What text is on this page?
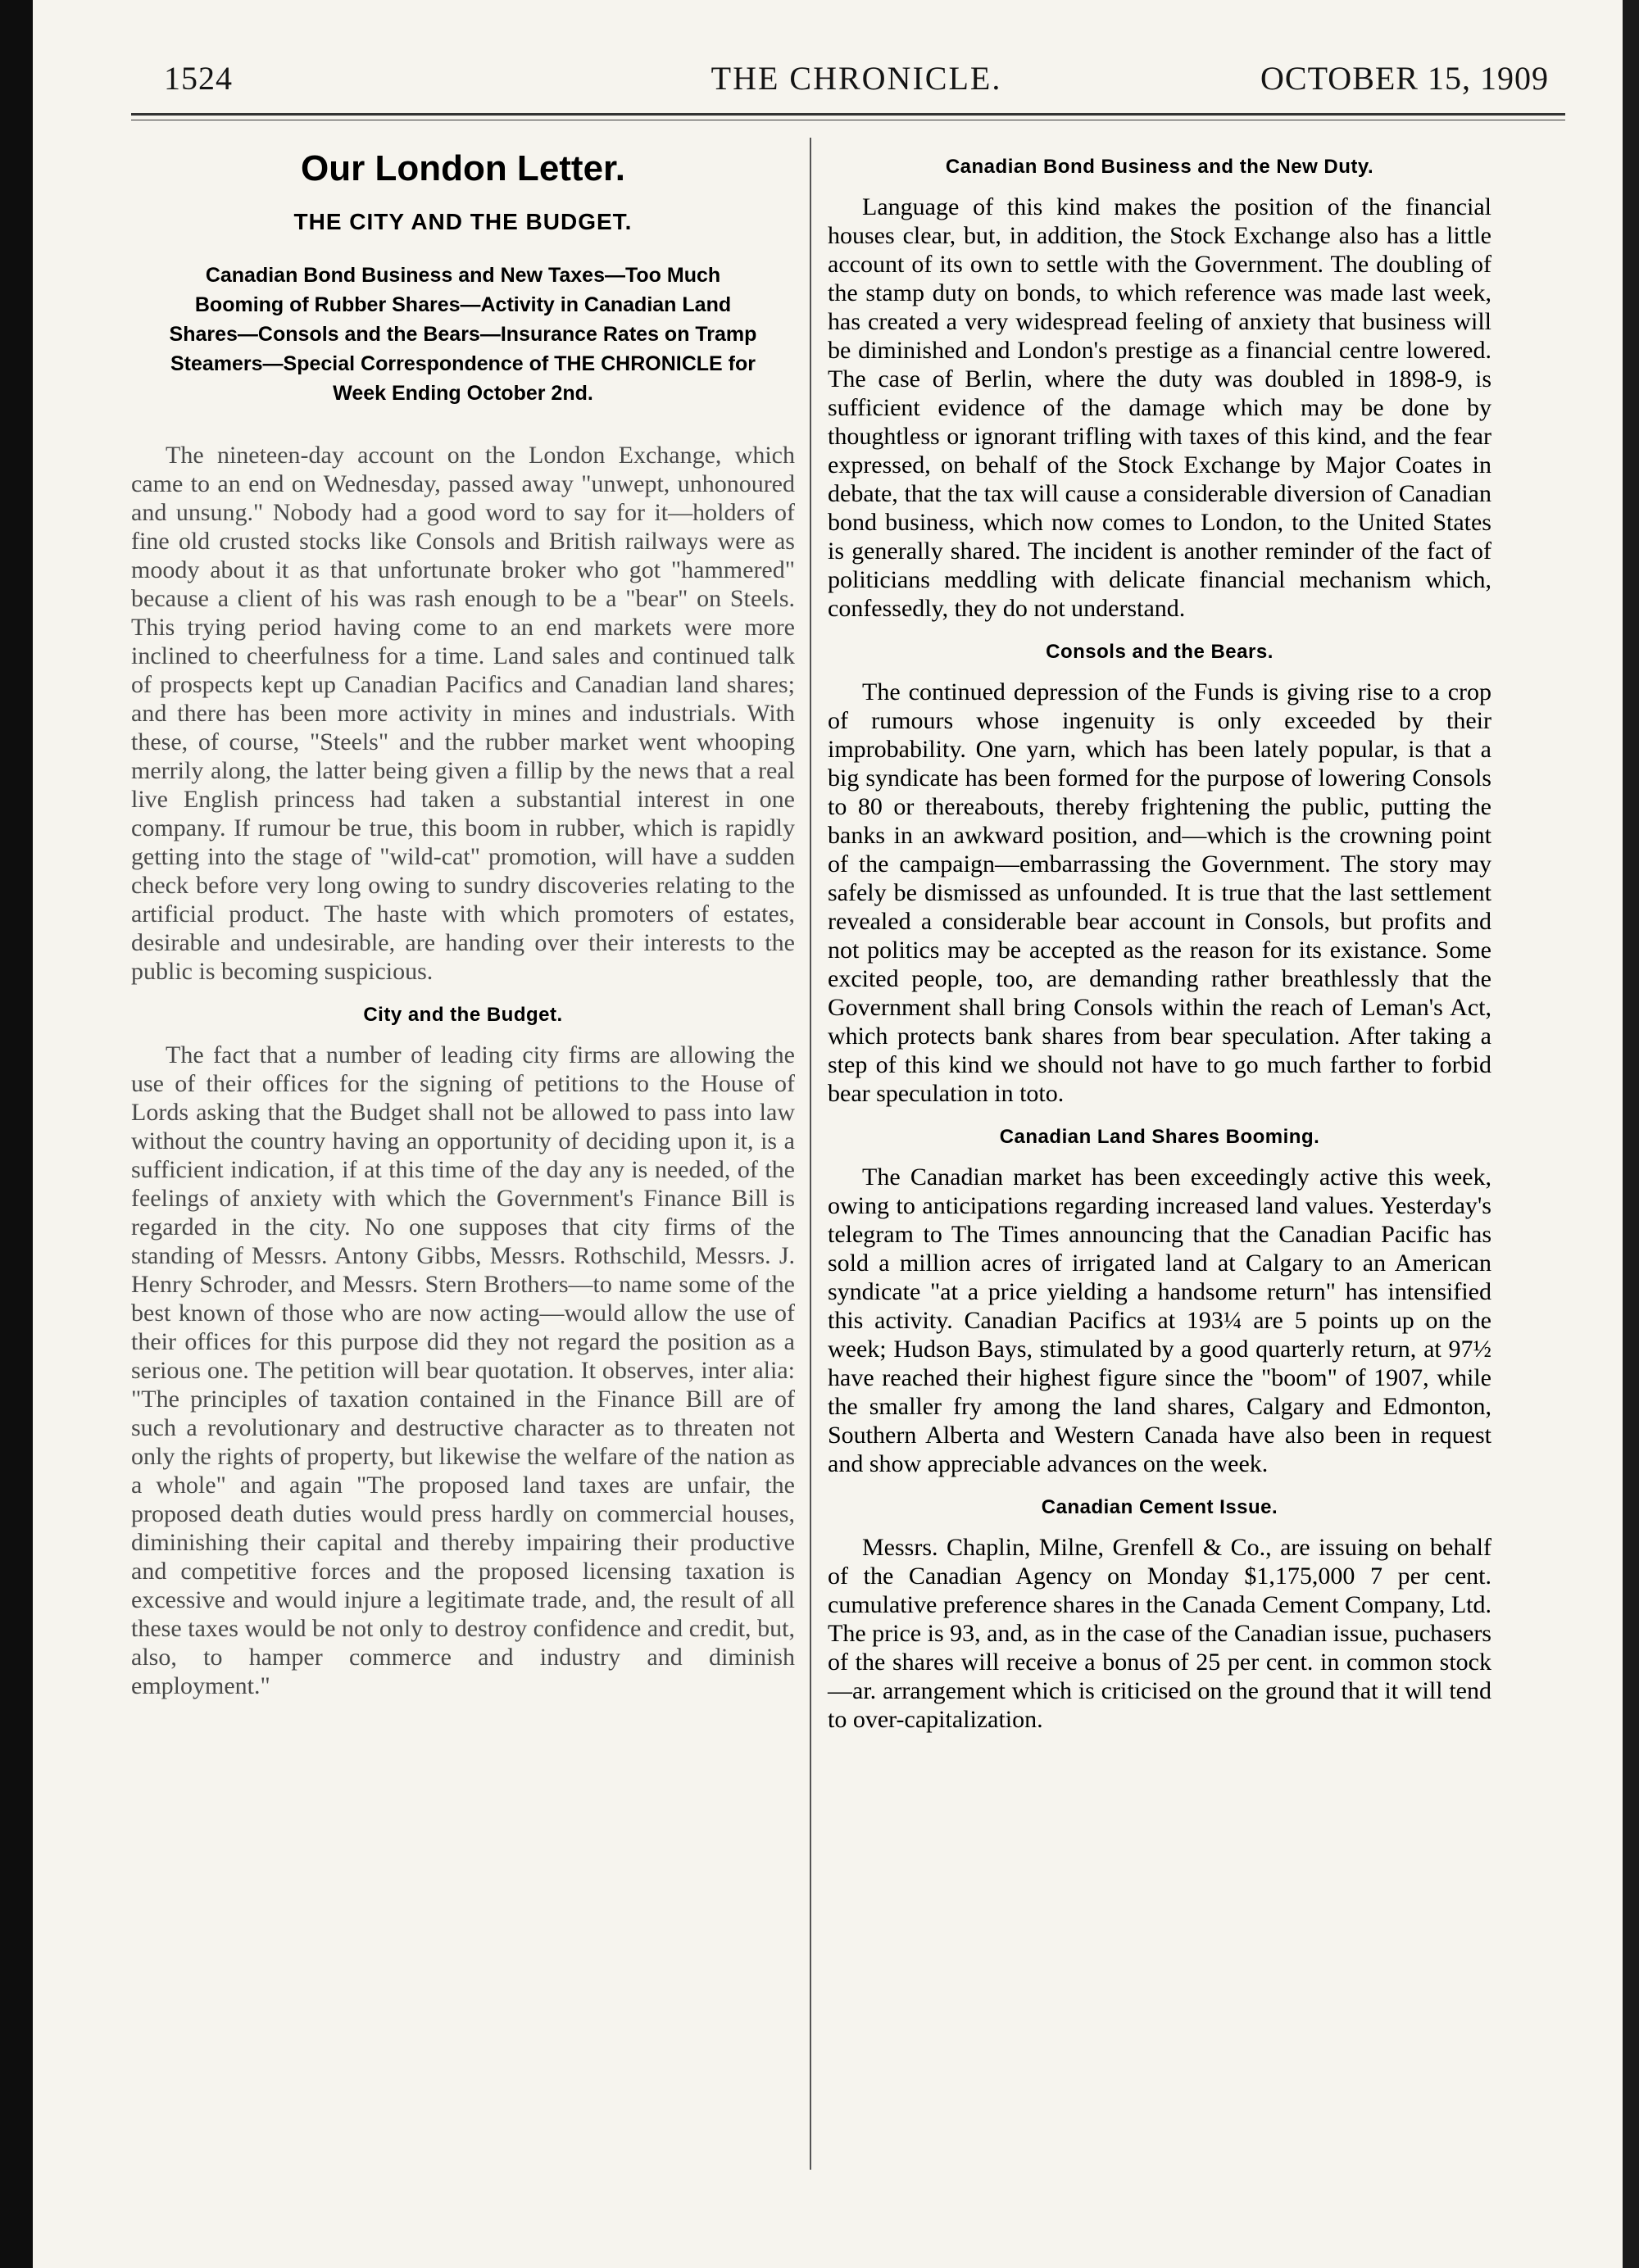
1524	THE CHRONICLE.	OCTOBER 15, 1909
Our London Letter.
THE CITY AND THE BUDGET.
Canadian Bond Business and New Taxes—Too Much Booming of Rubber Shares—Activity in Canadian Land Shares—Consols and the Bears—Insurance Rates on Tramp Steamers—Special Correspondence of THE CHRONICLE for Week Ending October 2nd.

The nineteen-day account on the London Exchange, which came to an end on Wednesday, passed away "unwept, unhonoured and unsung." Nobody had a good word to say for it—holders of fine old crusted stocks like Consols and British railways were as moody about it as that unfortunate broker who got "hammered" because a client of his was rash enough to be a "bear" on Steels. This trying period having come to an end markets were more inclined to cheerfulness for a time. Land sales and continued talk of prospects kept up Canadian Pacifics and Canadian land shares; and there has been more activity in mines and industrials. With these, of course, "Steels" and the rubber market went whooping merrily along, the latter being given a fillip by the news that a real live English princess had taken a substantial interest in one company. If rumour be true, this boom in rubber, which is rapidly getting into the stage of "wild-cat" promotion, will have a sudden check before very long owing to sundry discoveries relating to the artificial product. The haste with which promoters of estates, desirable and undesirable, are handing over their interests to the public is becoming suspicious.

City and the Budget.

The fact that a number of leading city firms are allowing the use of their offices for the signing of petitions to the House of Lords asking that the Budget shall not be allowed to pass into law without the country having an opportunity of deciding upon it, is a sufficient indication, if at this time of the day any is needed, of the feelings of anxiety with which the Government's Finance Bill is regarded in the city. No one supposes that city firms of the standing of Messrs. Antony Gibbs, Messrs. Rothschild, Messrs. J. Henry Schroder, and Messrs. Stern Brothers—to name some of the best known of those who are now acting—would allow the use of their offices for this purpose did they not regard the position as a serious one. The petition will bear quotation. It observes, inter alia: "The principles of taxation contained in the Finance Bill are of such a revolutionary and destructive character as to threaten not only the rights of property, but likewise the welfare of the nation as a whole" and again "The proposed land taxes are unfair, the proposed death duties would press hardly on commercial houses, diminishing their capital and thereby impairing their productive and competitive forces and the proposed licensing taxation is excessive and would injure a legitimate trade, and, the result of all these taxes would be not only to destroy confidence and credit, but, also, to hamper commerce and industry and diminish employment."

Canadian Bond Business and the New Duty.

Language of this kind makes the position of the financial houses clear, but, in addition, the Stock Exchange also has a little account of its own to settle with the Government. The doubling of the stamp duty on bonds, to which reference was made last week, has created a very widespread feeling of anxiety that business will be diminished and London's prestige as a financial centre lowered. The case of Berlin, where the duty was doubled in 1898-9, is sufficient evidence of the damage which may be done by thoughtless or ignorant trifling with taxes of this kind, and the fear expressed, on behalf of the Stock Exchange by Major Coates in debate, that the tax will cause a considerable diversion of Canadian bond business, which now comes to London, to the United States is generally shared. The incident is another reminder of the fact of politicians meddling with delicate financial mechanism which, confessedly, they do not understand.

Consols and the Bears.

The continued depression of the Funds is giving rise to a crop of rumours whose ingenuity is only exceeded by their improbability. One yarn, which has been lately popular, is that a big syndicate has been formed for the purpose of lowering Consols to 80 or thereabouts, thereby frightening the public, putting the banks in an awkward position, and—which is the crowning point of the campaign—embarrassing the Government. The story may safely be dismissed as unfounded. It is true that the last settlement revealed a considerable bear account in Consols, but profits and not politics may be accepted as the reason for its existance. Some excited people, too, are demanding rather breathlessly that the Government shall bring Consols within the reach of Leman's Act, which protects bank shares from bear speculation. After taking a step of this kind we should not have to go much farther to forbid bear speculation in toto.

Canadian Land Shares Booming.

The Canadian market has been exceedingly active this week, owing to anticipations regarding increased land values. Yesterday's telegram to The Times announcing that the Canadian Pacific has sold a million acres of irrigated land at Calgary to an American syndicate "at a price yielding a handsome return" has intensified this activity. Canadian Pacifics at 193¼ are 5 points up on the week; Hudson Bays, stimulated by a good quarterly return, at 97½ have reached their highest figure since the "boom" of 1907, while the smaller fry among the land shares, Calgary and Edmonton, Southern Alberta and Western Canada have also been in request and show appreciable advances on the week.

Canadian Cement Issue.

Messrs. Chaplin, Milne, Grenfell & Co., are issuing on behalf of the Canadian Agency on Monday $1,175,000 7 per cent. cumulative preference shares in the Canada Cement Company, Ltd. The price is 93, and, as in the case of the Canadian issue, puchasers of the shares will receive a bonus of 25 per cent. in common stock—ar. arrangement which is criticised on the ground that it will tend to over-capitalization.
